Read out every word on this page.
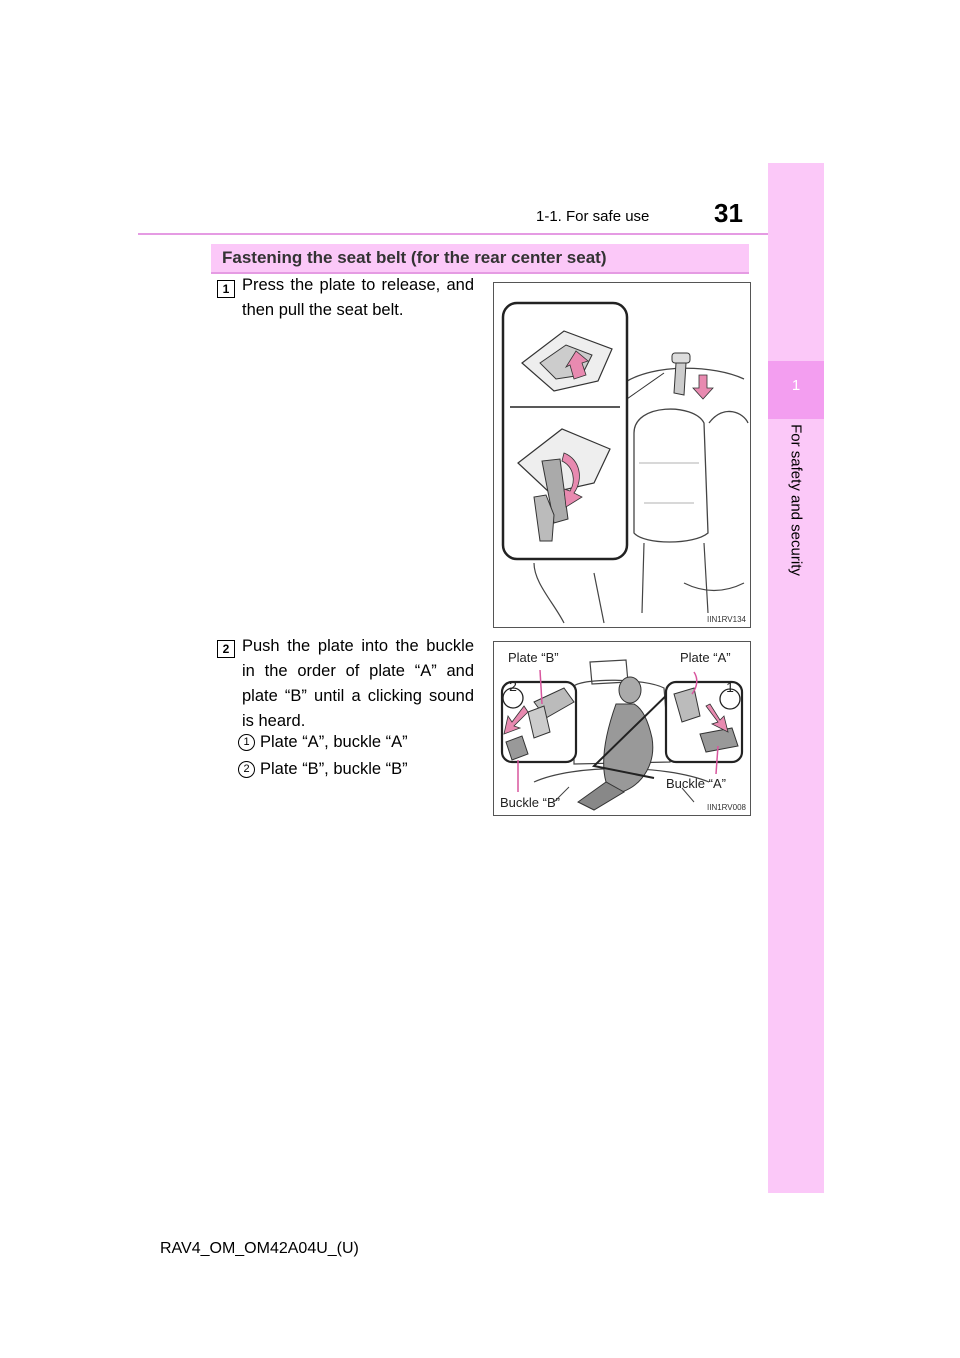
1-1. For safe use 31
1
For safety and security
Fastening the seat belt (for the rear center seat)
1 Press the plate to release, and then pull the seat belt.
IIN1RV134
2 Push the plate into the buckle in the order of plate “A” and plate “B” until a clicking sound is heard.
1 Plate “A”, buckle “A”
2 Plate “B”, buckle “B”
2	1
Plate “B”	Plate “A”
Buckle “B”
Buckle “A”
IIN1RV008
RAV4_OM_OM42A04U_(U)
